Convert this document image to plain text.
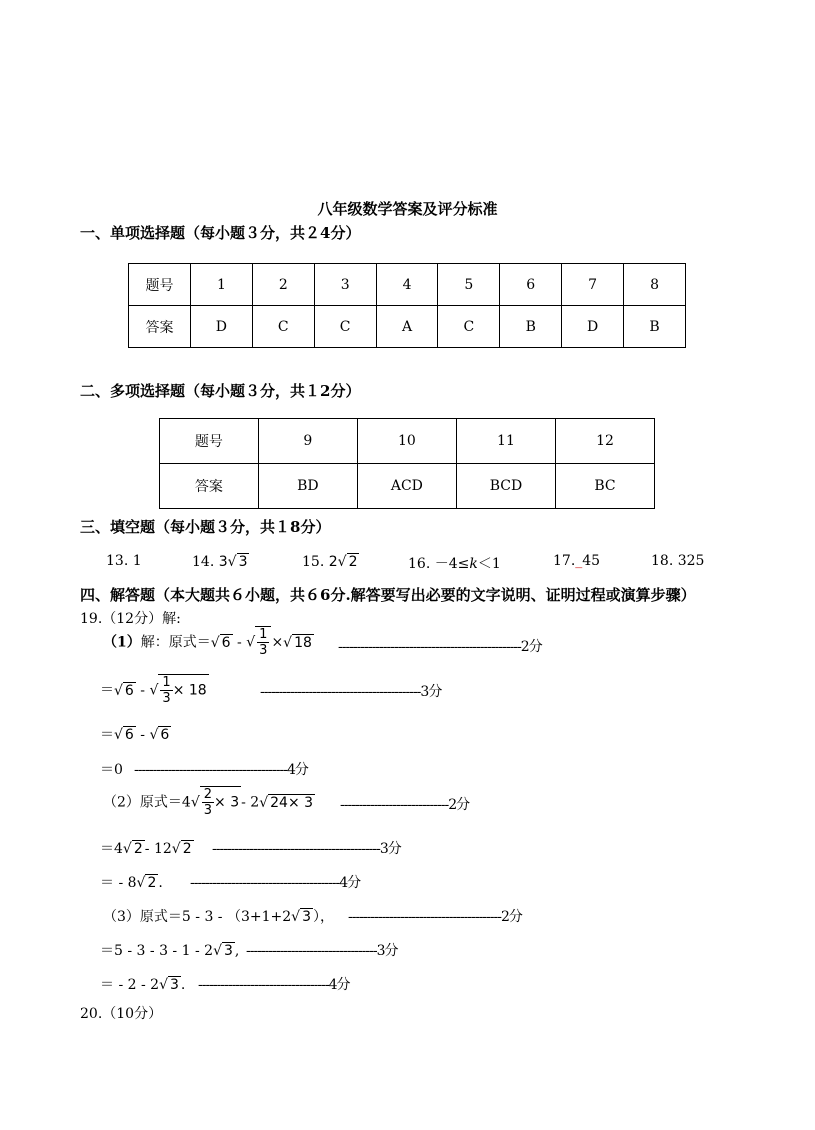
八年级数学答案及评分标准
一、单项选择题（每小题３分，共２4分）
题号	1	2	3	4	5	6	7	8
答案	D	C	C	A	C	B	D	B
二、多项选择题（每小题３分，共１2分）
题号	9	10	11	12
答案	BD	ACD	BCD	BC
三、填空题（每小题３分，共１8分）
13. 1	14. 3√ 3	15. 2√ 2	16. －4≤k＜1	17._45	18. 325
四、解答题（本大题共６小题，共６6分.解答要写出必要的文字说明、证明过程或演算步骤）
19.（12分）解:
（1）解：原式＝√ 6 - √ $\frac{1}{3}$ ×√ 18 -------------------------------------------------2分
＝√ 6 - √ $\frac{1}{3} \times 18$	-------------------------------------------3分
＝√ 6 - √ 6
＝0 -----------------------------------------4分
（2）原式$=4√ \frac{2}{3} \times 3 - 2√$ 24× 3 -----------------------------2分
＝4√ 2 - 12√ 2 ---------------------------------------------3分
＝ - 8√ 2 . ----------------------------------------4分
（3）原式＝5 - 3 - （3+1+2√ 3 ）， -----------------------------------------2分
＝5 - 3 - 3 - 1 - 2√ 3 , -----------------------------------3分
＝ - 2 - 2√ 3 . -----------------------------------4分
20.（10分）
